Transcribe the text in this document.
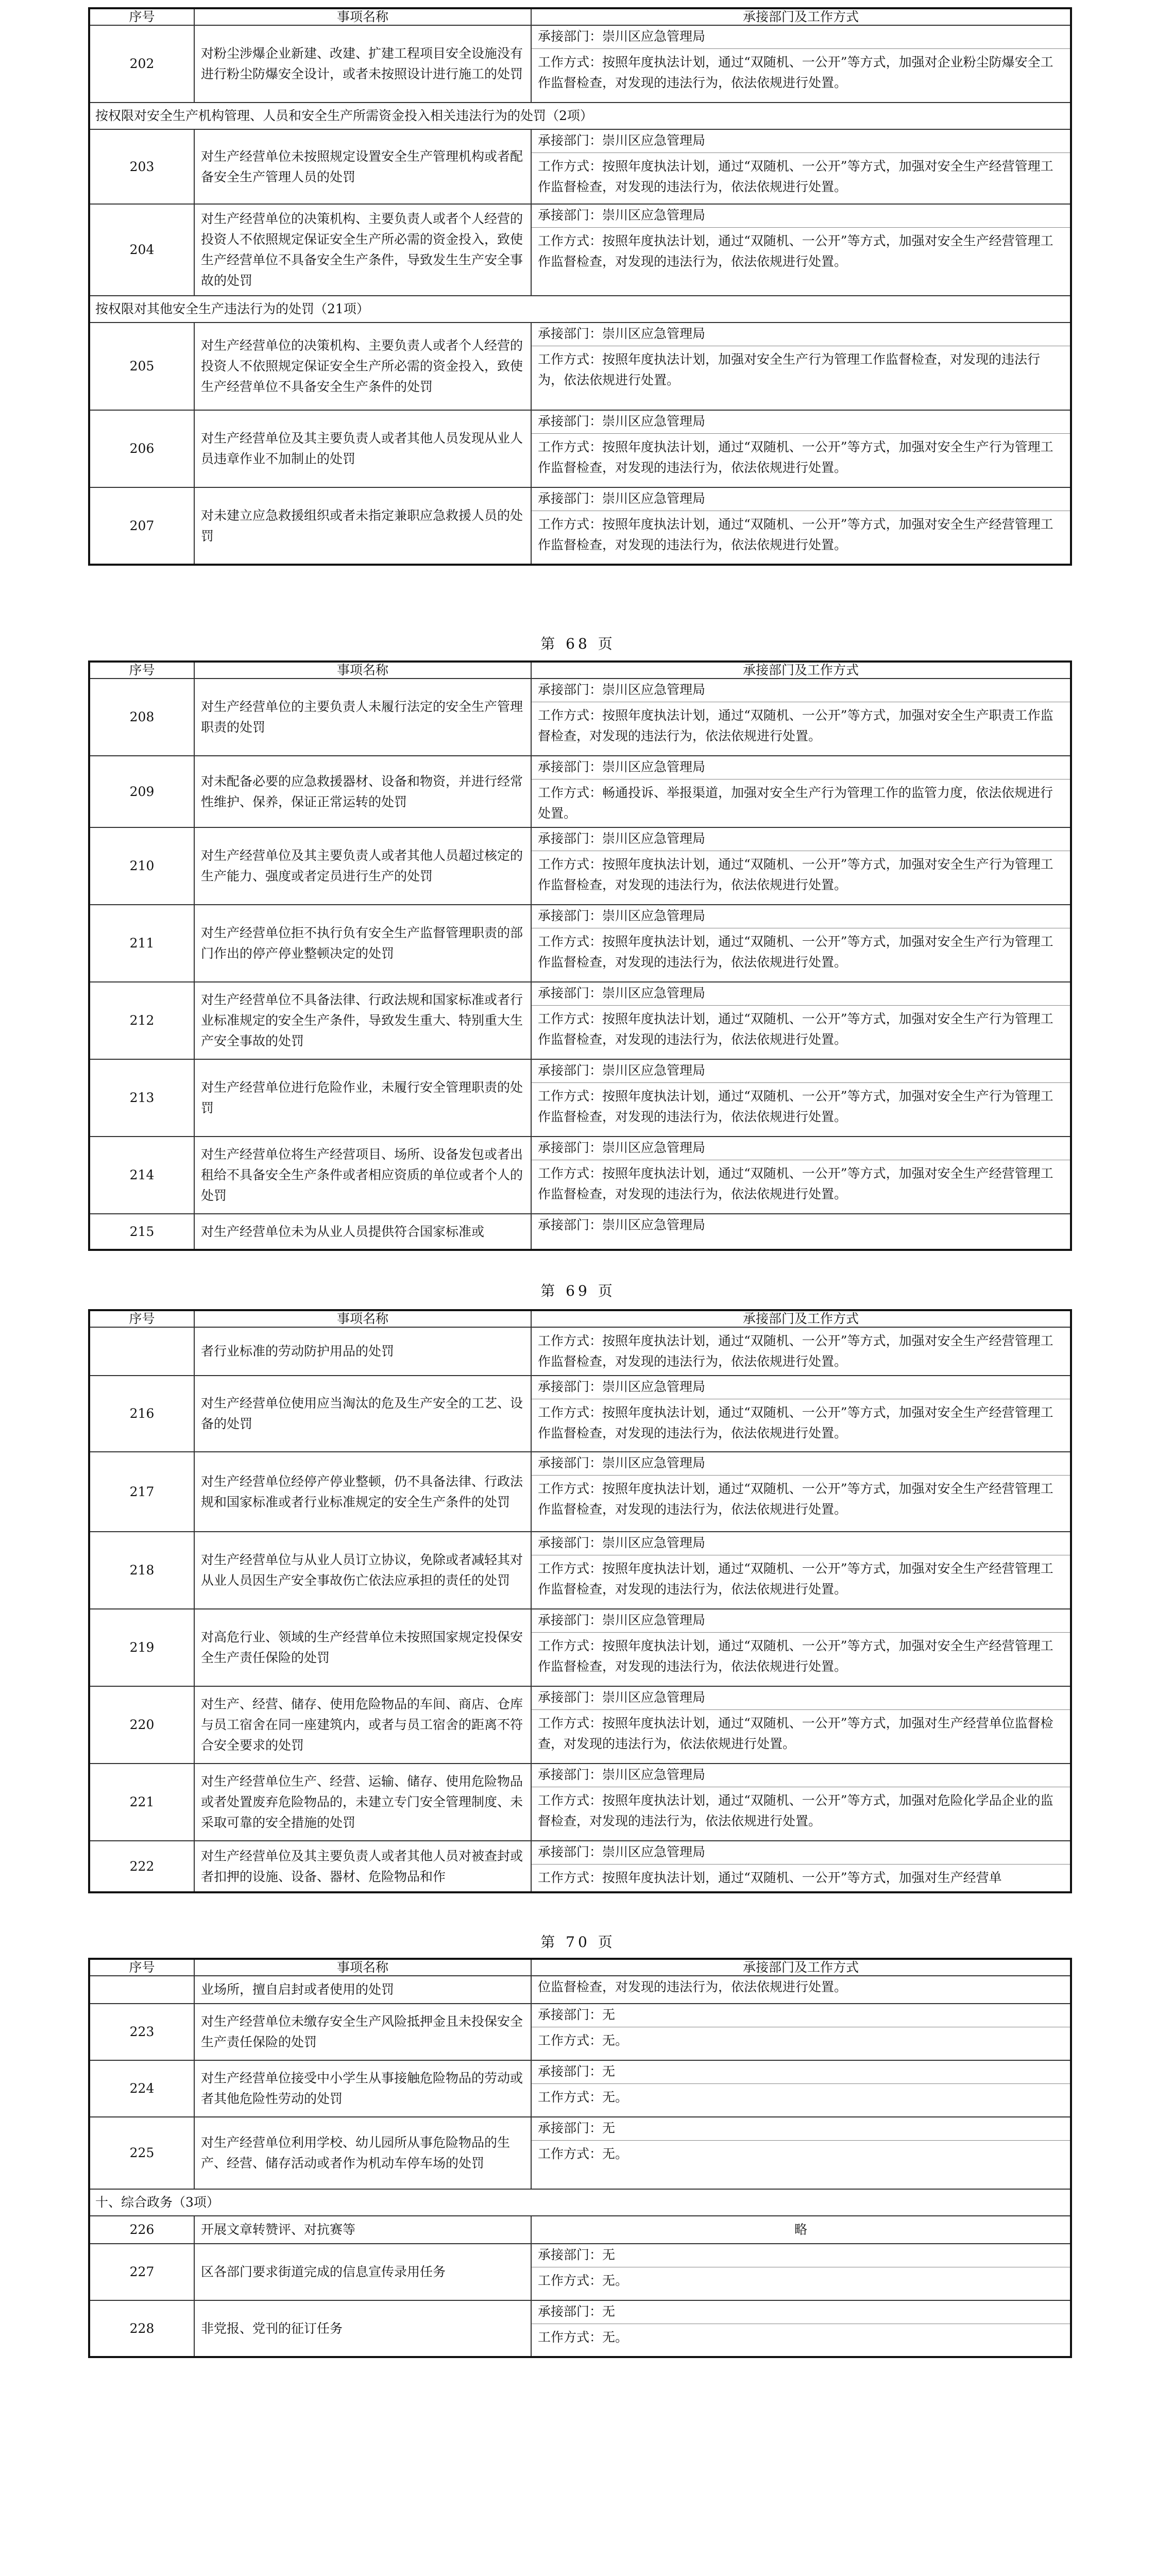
序号	事项名称	承接部门及工作方式
202	对粉尘涉爆企业新建、改建、扩建工程项目安全设施没有进行粉尘防爆安全设计，或者未按照设计进行施工的处罚	承接部门：崇川区应急管理局
工作方式：按照年度执法计划，通过“双随机、一公开”等方式，加强对企业粉尘防爆安全工作监督检查，对发现的违法行为，依法依规进行处置。

按权限对安全生产机构管理、人员和安全生产所需资金投入相关违法行为的处罚（2项）		
203	对生产经营单位未按照规定设置安全生产管理机构或者配备安全生产管理人员的处罚	承接部门：崇川区应急管理局
工作方式：按照年度执法计划，通过“双随机、一公开”等方式，加强对安全生产经营管理工作监督检查，对发现的违法行为，依法依规进行处置。

204	对生产经营单位的决策机构、主要负责人或者个人经营的投资人不依照规定保证安全生产所必需的资金投入，致使生产经营单位不具备安全生产条件，导致发生生产安全事故的处罚	承接部门：崇川区应急管理局
工作方式：按照年度执法计划，通过“双随机、一公开”等方式，加强对安全生产经营管理工作监督检查，对发现的违法行为，依法依规进行处置。

按权限对其他安全生产违法行为的处罚（21项）		
205	对生产经营单位的决策机构、主要负责人或者个人经营的投资人不依照规定保证安全生产所必需的资金投入，致使生产经营单位不具备安全生产条件的处罚	承接部门：崇川区应急管理局
工作方式：按照年度执法计划，加强对安全生产行为管理工作监督检查，对发现的违法行为，依法依规进行处置。

206	对生产经营单位及其主要负责人或者其他人员发现从业人员违章作业不加制止的处罚	承接部门：崇川区应急管理局
工作方式：按照年度执法计划，通过“双随机、一公开”等方式，加强对安全生产行为管理工作监督检查，对发现的违法行为，依法依规进行处置。

207	对未建立应急救援组织或者未指定兼职应急救援人员的处罚	承接部门：崇川区应急管理局
工作方式：按照年度执法计划，通过“双随机、一公开”等方式，加强对安全生产经营管理工作监督检查，对发现的违法行为，依法依规进行处置。
第 68 页
序号	事项名称	承接部门及工作方式
208	对生产经营单位的主要负责人未履行法定的安全生产管理职责的处罚	承接部门：崇川区应急管理局
工作方式：按照年度执法计划，通过“双随机、一公开”等方式，加强对安全生产职责工作监督检查，对发现的违法行为，依法依规进行处置。

209	对未配备必要的应急救援器材、设备和物资，并进行经常性维护、保养，保证正常运转的处罚	承接部门：崇川区应急管理局
工作方式：畅通投诉、举报渠道，加强对安全生产行为管理工作的监管力度，依法依规进行处置。

210	对生产经营单位及其主要负责人或者其他人员超过核定的生产能力、强度或者定员进行生产的处罚	承接部门：崇川区应急管理局
工作方式：按照年度执法计划，通过“双随机、一公开”等方式，加强对安全生产行为管理工作监督检查，对发现的违法行为，依法依规进行处置。

211	对生产经营单位拒不执行负有安全生产监督管理职责的部门作出的停产停业整顿决定的处罚	承接部门：崇川区应急管理局
工作方式：按照年度执法计划，通过“双随机、一公开”等方式，加强对安全生产行为管理工作监督检查，对发现的违法行为，依法依规进行处置。

212	对生产经营单位不具备法律、行政法规和国家标准或者行业标准规定的安全生产条件，导致发生重大、特别重大生产安全事故的处罚	承接部门：崇川区应急管理局
工作方式：按照年度执法计划，通过“双随机、一公开”等方式，加强对安全生产行为管理工作监督检查，对发现的违法行为，依法依规进行处置。

213	对生产经营单位进行危险作业，未履行安全管理职责的处罚	承接部门：崇川区应急管理局
工作方式：按照年度执法计划，通过“双随机、一公开”等方式，加强对安全生产行为管理工作监督检查，对发现的违法行为，依法依规进行处置。

214	对生产经营单位将生产经营项目、场所、设备发包或者出租给不具备安全生产条件或者相应资质的单位或者个人的处罚	承接部门：崇川区应急管理局
工作方式：按照年度执法计划，通过“双随机、一公开”等方式，加强对安全生产经营管理工作监督检查，对发现的违法行为，依法依规进行处置。

215	对生产经营单位未为从业人员提供符合国家标准或	承接部门：崇川区应急管理局
第 69 页
序号	事项名称	承接部门及工作方式
	者行业标准的劳动防护用品的处罚	工作方式：按照年度执法计划，通过“双随机、一公开”等方式，加强对安全生产经营管理工作监督检查，对发现的违法行为，依法依规进行处置。

216	对生产经营单位使用应当淘汰的危及生产安全的工艺、设备的处罚	承接部门：崇川区应急管理局
工作方式：按照年度执法计划，通过“双随机、一公开”等方式，加强对安全生产经营管理工作监督检查，对发现的违法行为，依法依规进行处置。

217	对生产经营单位经停产停业整顿，仍不具备法律、行政法规和国家标准或者行业标准规定的安全生产条件的处罚	承接部门：崇川区应急管理局
工作方式：按照年度执法计划，通过“双随机、一公开”等方式，加强对安全生产经营管理工作监督检查，对发现的违法行为，依法依规进行处置。

218	对生产经营单位与从业人员订立协议，免除或者减轻其对从业人员因生产安全事故伤亡依法应承担的责任的处罚	承接部门：崇川区应急管理局
工作方式：按照年度执法计划，通过“双随机、一公开”等方式，加强对安全生产经营管理工作监督检查，对发现的违法行为，依法依规进行处置。

219	对高危行业、领域的生产经营单位未按照国家规定投保安全生产责任保险的处罚	承接部门：崇川区应急管理局
工作方式：按照年度执法计划，通过“双随机、一公开”等方式，加强对安全生产经营管理工作监督检查，对发现的违法行为，依法依规进行处置。

220	对生产、经营、储存、使用危险物品的车间、商店、仓库与员工宿舍在同一座建筑内，或者与员工宿舍的距离不符合安全要求的处罚	承接部门：崇川区应急管理局
工作方式：按照年度执法计划，通过“双随机、一公开”等方式，加强对生产经营单位监督检查，对发现的违法行为，依法依规进行处置。

221	对生产经营单位生产、经营、运输、储存、使用危险物品或者处置废弃危险物品的，未建立专门安全管理制度、未采取可靠的安全措施的处罚	承接部门：崇川区应急管理局
工作方式：按照年度执法计划，通过“双随机、一公开”等方式，加强对危险化学品企业的监督检查，对发现的违法行为，依法依规进行处置。

222	对生产经营单位及其主要负责人或者其他人员对被查封或者扣押的设施、设备、器材、危险物品和作	承接部门：崇川区应急管理局
工作方式：按照年度执法计划，通过“双随机、一公开”等方式，加强对生产经营单
第 70 页
序号	事项名称	承接部门及工作方式
	业场所，擅自启封或者使用的处罚	位监督检查，对发现的违法行为，依法依规进行处置。

223	对生产经营单位未缴存安全生产风险抵押金且未投保安全生产责任保险的处罚	承接部门：无
工作方式：无。

224	对生产经营单位接受中小学生从事接触危险物品的劳动或者其他危险性劳动的处罚	承接部门：无
工作方式：无。

225	对生产经营单位利用学校、幼儿园所从事危险物品的生产、经营、储存活动或者作为机动车停车场的处罚	承接部门：无
工作方式：无。

十、综合政务（3项）		
226	开展文章转赞评、对抗赛等	略
227	区各部门要求街道完成的信息宣传录用任务	承接部门：无
工作方式：无。

228	非党报、党刊的征订任务	承接部门：无
工作方式：无。
